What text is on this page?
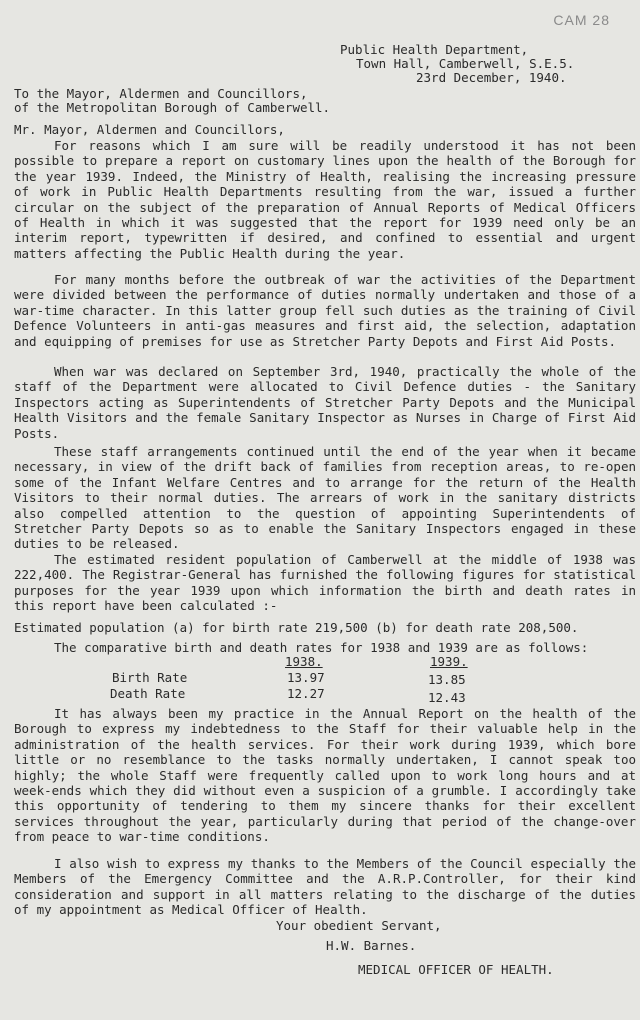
CAM 28
Public Health Department,
Town Hall, Camberwell, S.E.5.
23rd December, 1940.
To the Mayor, Aldermen and Councillors,
of the Metropolitan Borough of Camberwell.
Mr. Mayor, Aldermen and Councillors,

For reasons which I am sure will be readily understood it has not been possible to prepare a report on customary lines upon the health of the Borough for the year 1939. Indeed, the Ministry of Health, realising the increasing pressure of work in Public Health Departments resulting from the war, issued a further circular on the subject of the preparation of Annual Reports of Medical Officers of Health in which it was suggested that the report for 1939 need only be an interim report, typewritten if desired, and confined to essential and urgent matters affecting the Public Health during the year.

For many months before the outbreak of war the activities of the Department were divided between the performance of duties normally undertaken and those of a war-time character. In this latter group fell such duties as the training of Civil Defence Volunteers in anti-gas measures and first aid, the selection, adaptation and equipping of premises for use as Stretcher Party Depots and First Aid Posts.

When war was declared on September 3rd, 1940, practically the whole of the staff of the Department were allocated to Civil Defence duties - the Sanitary Inspectors acting as Superintendents of Stretcher Party Depots and the Municipal Health Visitors and the female Sanitary Inspector as Nurses in Charge of First Aid Posts.

These staff arrangements continued until the end of the year when it became necessary, in view of the drift back of families from reception areas, to re-open some of the Infant Welfare Centres and to arrange for the return of the Health Visitors to their normal duties. The arrears of work in the sanitary districts also compelled attention to the question of appointing Superintendents of Stretcher Party Depots so as to enable the Sanitary Inspectors engaged in these duties to be released.

The estimated resident population of Camberwell at the middle of 1938 was 222,400. The Registrar-General has furnished the following figures for statistical purposes for the year 1939 upon which information the birth and death rates in this report have been calculated :-

Estimated population (a) for birth rate 219,500 (b) for death rate 208,500.
The comparative birth and death rates for 1938 and 1939 are as follows:
1938.	1939.
Birth Rate	13.97	13.85
Death Rate	12.27	12.43

It has always been my practice in the Annual Report on the health of the Borough to express my indebtedness to the Staff for their valuable help in the administration of the health services. For their work during 1939, which bore little or no resemblance to the tasks normally undertaken, I cannot speak too highly; the whole Staff were frequently called upon to work long hours and at week-ends which they did without even a suspicion of a grumble. I accordingly take this opportunity of tendering to them my sincere thanks for their excellent services throughout the year, particularly during that period of the change-over from peace to war-time conditions.

I also wish to express my thanks to the Members of the Council especially the Members of the Emergency Committee and the A.R.P.Controller, for their kind consideration and support in all matters relating to the discharge of the duties of my appointment as Medical Officer of Health.

Your obedient Servant,
H.W. Barnes.
MEDICAL OFFICER OF HEALTH.
